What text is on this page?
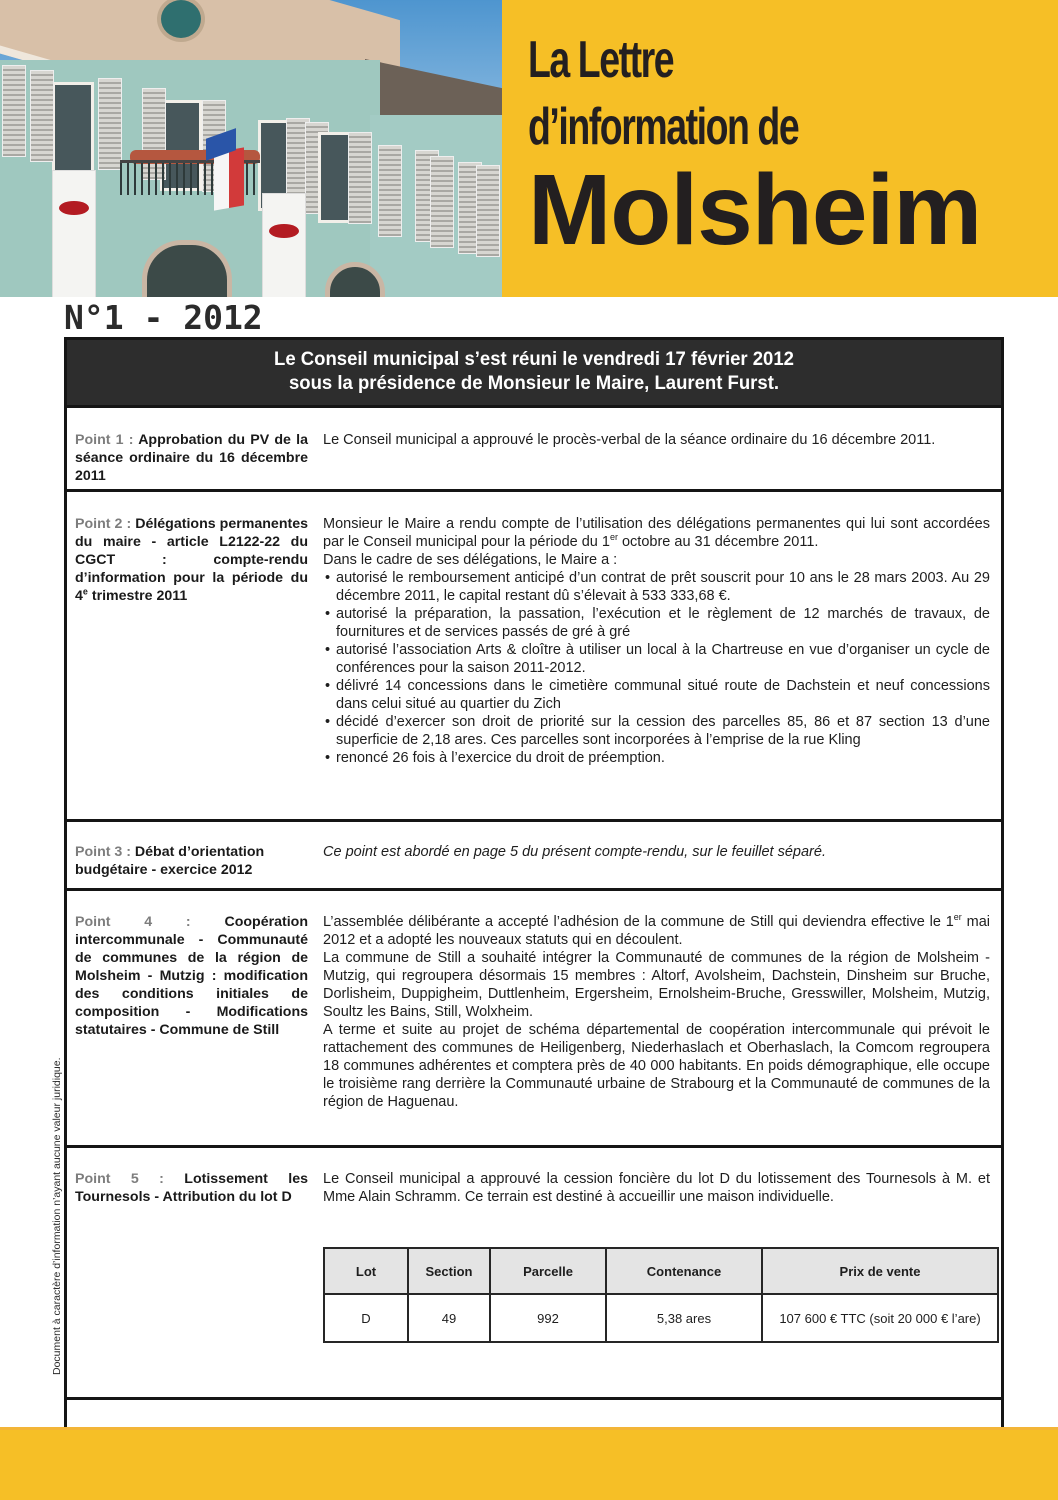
La Lettre
d’information de
Molsheim
N°1 - 2012
Le Conseil municipal s’est réuni le vendredi 17 février 2012
sous la présidence de Monsieur le Maire, Laurent Furst.
Point 1 : Approbation du PV de la séance ordinaire du 16 décembre 2011

Le Conseil municipal a approuvé le procès-verbal de la séance ordinaire du 16 décembre 2011.

Point 2 : Délégations permanentes du maire - article L2122-22 du CGCT : compte-rendu d’information pour la période du 4e trimestre 2011

Monsieur le Maire a rendu compte de l’utilisation des délégations permanentes qui lui sont accordées par le Conseil municipal pour la période du 1er octobre au 31 décembre 2011.

Dans le cadre de ses délégations, le Maire a :

• autorisé le remboursement anticipé d’un contrat de prêt souscrit pour 10 ans le 28 mars 2003. Au 29 décembre 2011, le capital restant dû s’élevait à 533 333,68 €.
• autorisé la préparation, la passation, l’exécution et le règlement de 12 marchés de travaux, de fournitures et de services passés de gré à gré
• autorisé l’association Arts & cloître à utiliser un local à la Chartreuse en vue d’organiser un cycle de conférences pour la saison 2011-2012.
• délivré 14 concessions dans le cimetière communal situé route de Dachstein et neuf concessions dans celui situé au quartier du Zich
• décidé d’exercer son droit de priorité sur la cession des parcelles 85, 86 et 87 section 13 d’une superficie de 2,18 ares. Ces parcelles sont incorporées à l’emprise de la rue Kling
• renoncé 26 fois à l’exercice du droit de préemption.
Point 3 : Débat d’orientation budgétaire - exercice 2012

Ce point est abordé en page 5 du présent compte-rendu, sur le feuillet séparé.

Point 4 : Coopération intercommunale - Communauté de communes de la région de Molsheim - Mutzig : modification des conditions initiales de composition - Modifications statutaires - Commune de Still

L’assemblée délibérante a accepté l’adhésion de la commune de Still qui deviendra effective le 1er mai 2012 et a adopté les nouveaux statuts qui en découlent.

La commune de Still a souhaité intégrer la Communauté de communes de la région de Molsheim - Mutzig, qui regroupera désormais 15 membres : Altorf, Avolsheim, Dachstein, Dinsheim sur Bruche, Dorlisheim, Duppigheim, Duttlenheim, Ergersheim, Ernolsheim-Bruche, Gresswiller, Molsheim, Mutzig, Soultz les Bains, Still, Wolxheim.

A terme et suite au projet de schéma départemental de coopération intercommunale qui prévoit le rattachement des communes de Heiligenberg, Niederhaslach et Oberhaslach, la Comcom regroupera 18 communes adhérentes et comptera près de 40 000 habitants. En poids démographique, elle occupe le troisième rang derrière la Communauté urbaine de Strabourg et la Communauté de communes de la région de Haguenau.

Point 5 : Lotissement les Tournesols - Attribution du lot D

Le Conseil municipal a approuvé la cession foncière du lot D du lotissement des Tournesols à M. et Mme Alain Schramm. Ce terrain est destiné à accueillir une maison individuelle.

Lot	Section	Parcelle	Contenance	Prix de vente
D	49	992	5,38 ares	107 600 € TTC (soit 20 000 € l’are)
Document à caractère d’information n’ayant aucune valeur juridique.
